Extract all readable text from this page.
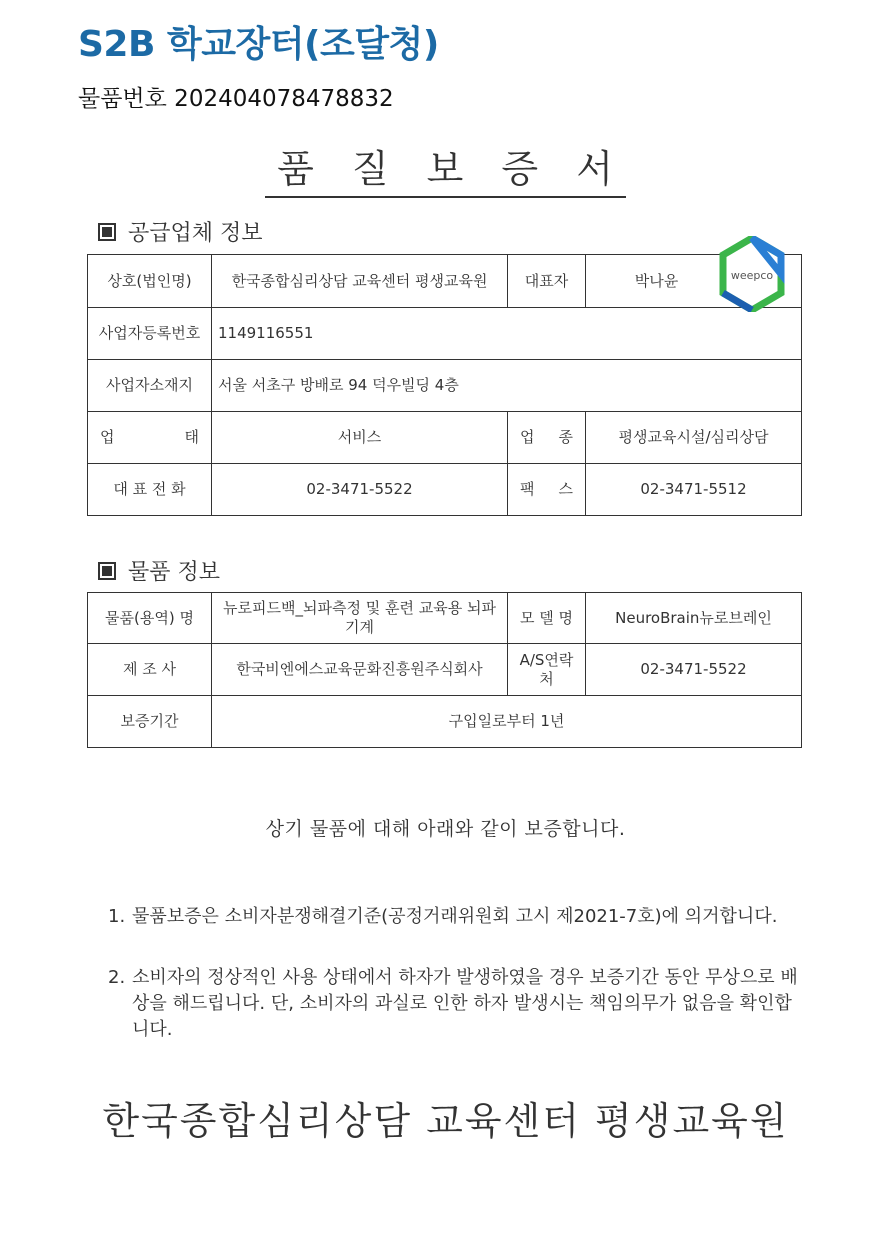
S2B 학교장터(조달청)
물품번호 202404078478832
품 질 보 증 서
공급업체 정보
상호(법인명)	한국종합심리상담 교육센터 평생교육원	대표자	박나윤
사업자등록번호	1149116551		
사업자소재지	서울 서초구 방배로 94 덕우빌딩 4층		

업 태	서비스	업 종	평생교육시설/심리상담
대 표 전 화	02-3471-5522	팩 스	02-3471-5512
weepco
물품 정보
물품(용역) 명	뉴로피드백_뇌파측정 및 훈련 교육용 뇌파기계	모 델 명	NeuroBrain뉴로브레인
제 조 사	한국비엔에스교육문화진흥원주식회사	A/S연락처	02-3471-5522
보증기간	구입일로부터 1년		
상기 물품에 대해 아래와 같이 보증합니다.
1. 물품보증은 소비자분쟁해결기준(공정거래위원회 고시 제2021-7호)에 의거합니다.
2. 소비자의 정상적인 사용 상태에서 하자가 발생하였을 경우 보증기간 동안 무상으로 배상을 해드립니다. 단, 소비자의 과실로 인한 하자 발생시는 책임의무가 없음을 확인합니다.
한국종합심리상담 교육센터 평생교육원
